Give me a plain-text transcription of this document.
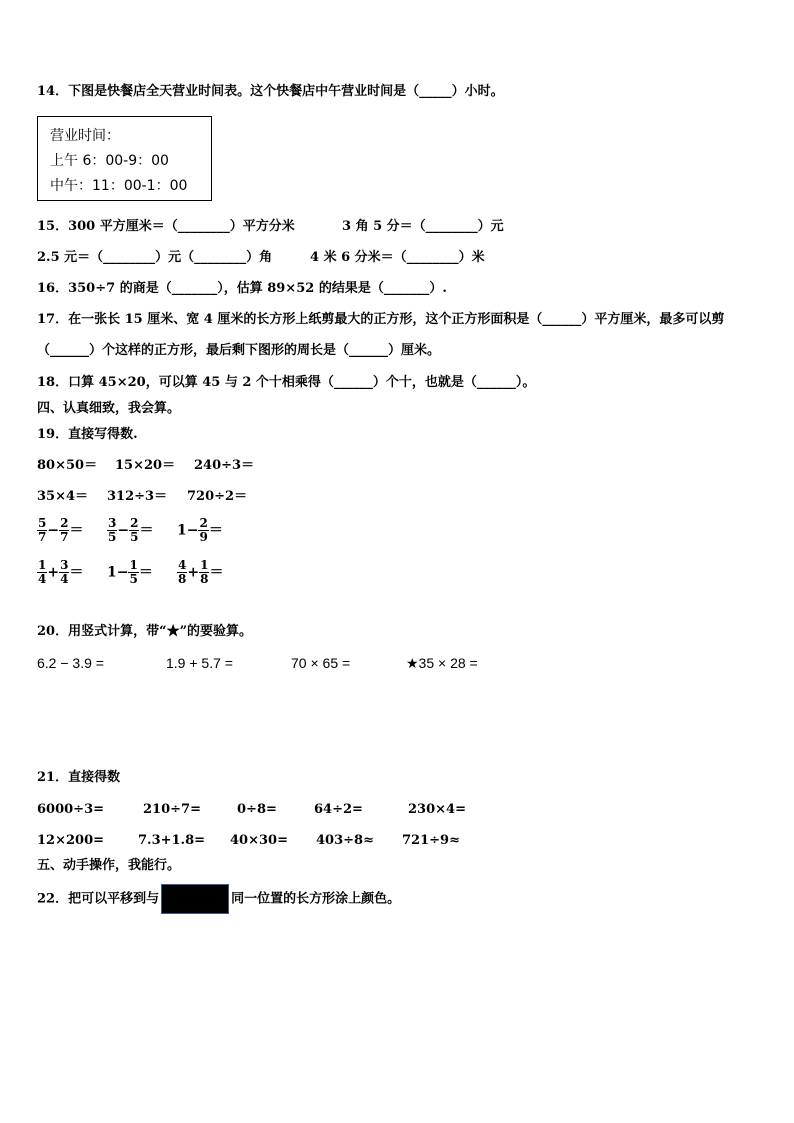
14．下图是快餐店全天营业时间表。这个快餐店中午营业时间是（_____）小时。
营业时间：
上午 6：00-9：00
中午：11：00-1：00
15．300 平方厘米＝（________）平方分米	3 角 5 分＝（________）元
2.5 元＝（________）元（________）角	4 米 6 分米＝（________）米
16．350÷7 的商是（_______），估算 89×52 的结果是（_______）.
17．在一张长 15 厘米、宽 4 厘米的长方形上纸剪最大的正方形，这个正方形面积是（______）平方厘米，最多可以剪
（______）个这样的正方形，最后剩下图形的周长是（______）厘米。
18．口算 45×20，可以算 45 与 2 个十相乘得（______）个十，也就是（______）。
四、认真细致，我会算。
19．直接写得数.
80×50＝ 15×20＝ 240÷3＝
35×4＝ 312÷3＝ 720÷2＝
$\frac{5}{7} - \frac{2}{7} = \frac{3}{5} - \frac{2}{5} = 1- \frac{2}{9}$ ＝
$\frac{1}{4} + \frac{3}{4} = 1- \frac{1}{5} = \frac{4}{8} + \frac{1}{8}$ ＝
20．用竖式计算，带“★”的要验算。
6.2 − 3.9 =	1.9 + 5.7 =	70 × 65 =	★35 × 28 =
21．直接得数
6000÷3=	210÷7=	0÷8=	64÷2=	230×4=
12×200=	7.3+1.8= 40×30= 403÷8≈ 721÷9≈
五、动手操作，我能行。
22．把可以平移到与	同一位置的长方形涂上颜色。
